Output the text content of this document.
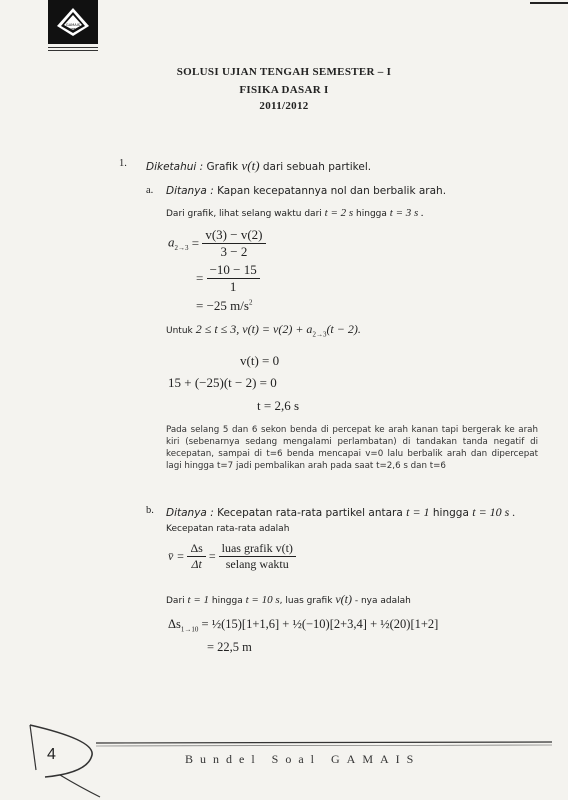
GAMAIS
ITB
SOLUSI UJIAN TENGAH SEMESTER – I
FISIKA DASAR I
2011/2012
1. Diketahui : Grafik v(t) dari sebuah partikel.
a. Ditanya : Kapan kecepatannya nol dan berbalik arah.
Dari grafik, lihat selang waktu dari t = 2 s hingga t = 3 s .
$a_{2\to 3} = \frac{v(3) - v(2)}{3 - 2}$
= $\frac{-10 - 15}{1}$
= −25 $m/s^2$
Untuk 2 ≤ t ≤ 3, $v(t) = v(2) + a_{2\to 3}(t - 2)$.
v(t) = 0
15 + (−25)(t − 2) = 0
t = 2,6 s
Pada selang 5 dan 6 sekon benda di percepat ke arah kanan tapi bergerak ke arah kiri (sebenarnya sedang mengalami perlambatan) di tandakan tanda negatif di kecepatan, sampai di t=6 benda mencapai v=0 lalu berbalik arah dan dipercepat lagi hingga t=7 jadi pembalikan arah pada saat t=2,6 s dan t=6
b. Ditanya : Kecepatan rata-rata partikel antara t = 1 hingga t = 10 s .
Kecepatan rata-rata adalah
v̄ = $\frac{\Delta s}{\Delta t} = \frac{\text{luas grafik v(t)}}{\text{selang waktu}}$
Dari t = 1 hingga t = 10 s, luas grafik v(t) - nya adalah
$\Delta s_{1\to 10}$ = ½(15)[1+1,6] + ½(−10)[2+3,4] + ½(20)[1+2]
= 22,5 m
4	Bundel Soal GAMAIS
